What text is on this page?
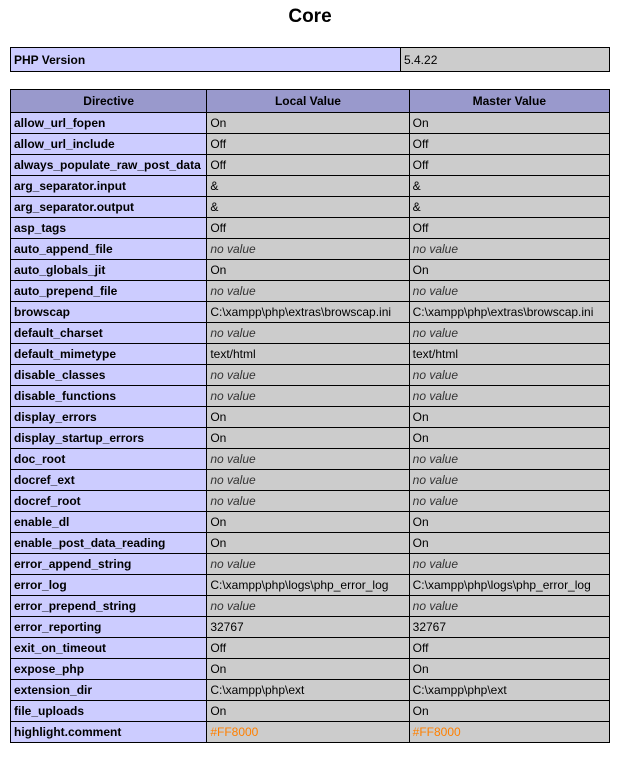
Core
PHP Version	5.4.22
Directive	Local Value	Master Value
allow_url_fopen	On	On
allow_url_include	Off	Off
always_populate_raw_post_data	Off	Off
arg_separator.input	&	&
arg_separator.output	&	&
asp_tags	Off	Off
auto_append_file	no value	no value
auto_globals_jit	On	On
auto_prepend_file	no value	no value
browscap	C:\xampp\php\extras\browscap.ini	C:\xampp\php\extras\browscap.ini
default_charset	no value	no value
default_mimetype	text/html	text/html
disable_classes	no value	no value
disable_functions	no value	no value
display_errors	On	On
display_startup_errors	On	On
doc_root	no value	no value
docref_ext	no value	no value
docref_root	no value	no value
enable_dl	On	On
enable_post_data_reading	On	On
error_append_string	no value	no value
error_log	C:\xampp\php\logs\php_error_log	C:\xampp\php\logs\php_error_log
error_prepend_string	no value	no value
error_reporting	32767	32767
exit_on_timeout	Off	Off
expose_php	On	On
extension_dir	C:\xampp\php\ext	C:\xampp\php\ext
file_uploads	On	On
highlight.comment	#FF8000	#FF8000
